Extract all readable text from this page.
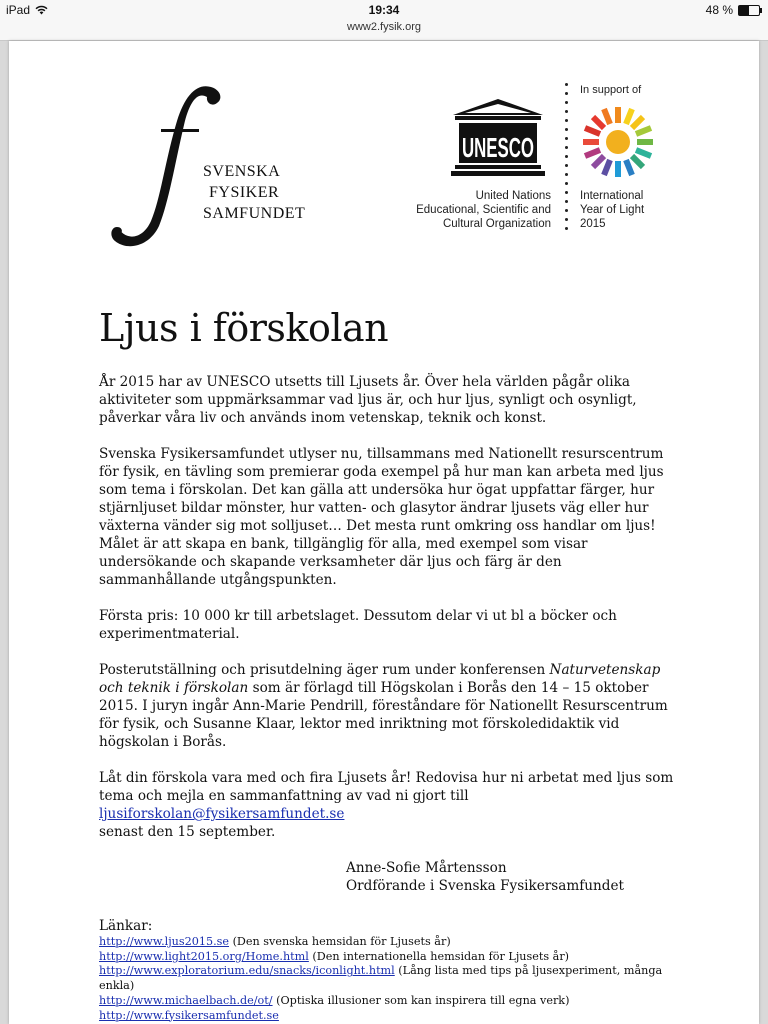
iPad	19:34	48 %
www2.fysik.org
SVENSKA
FYSIKER
SAMFUNDET
UNESCO
United Nations
Educational, Scientific and
Cultural Organization
In support of
International
Year of Light
2015
Ljus i förskolan

År 2015 har av UNESCO utsetts till Ljusets år. Över hela världen pågår olika aktiviteter som uppmärksammar vad ljus är, och hur ljus, synligt och osynligt, påverkar våra liv och används inom vetenskap, teknik och konst.

Svenska Fysikersamfundet utlyser nu, tillsammans med Nationellt resurscentrum för fysik, en tävling som premierar goda exempel på hur man kan arbeta med ljus som tema i förskolan. Det kan gälla att undersöka hur ögat uppfattar färger, hur stjärnljuset bildar mönster, hur vatten- och glasytor ändrar ljusets väg eller hur växterna vänder sig mot solljuset… Det mesta runt omkring oss handlar om ljus! Målet är att skapa en bank, tillgänglig för alla, med exempel som visar undersökande och skapande verksamheter där ljus och färg är den sammanhållande utgångspunkten.

Första pris: 10 000 kr till arbetslaget. Dessutom delar vi ut bl a böcker och experimentmaterial.

Posterutställning och prisutdelning äger rum under konferensen Naturvetenskap och teknik i förskolan som är förlagd till Högskolan i Borås den 14 – 15 oktober 2015. I juryn ingår Ann-Marie Pendrill, föreståndare för Nationellt Resurscentrum för fysik, och Susanne Klaar, lektor med inriktning mot förskoledidaktik vid högskolan i Borås.

Låt din förskola vara med och fira Ljusets år! Redovisa hur ni arbetat med ljus som tema och mejla en sammanfattning av vad ni gjort till ljusiforskolan@fysikersamfundet.se
senast den 15 september.

Anne-Sofie Mårtensson
Ordförande i Svenska Fysikersamfundet
Länkar:
http://www.ljus2015.se (Den svenska hemsidan för Ljusets år)
http://www.light2015.org/Home.html (Den internationella hemsidan för Ljusets år)
http://www.exploratorium.edu/snacks/iconlight.html (Lång lista med tips på ljusexperiment, många enkla)
http://www.michaelbach.de/ot/ (Optiska illusioner som kan inspirera till egna verk)
http://www.fysikersamfundet.se
